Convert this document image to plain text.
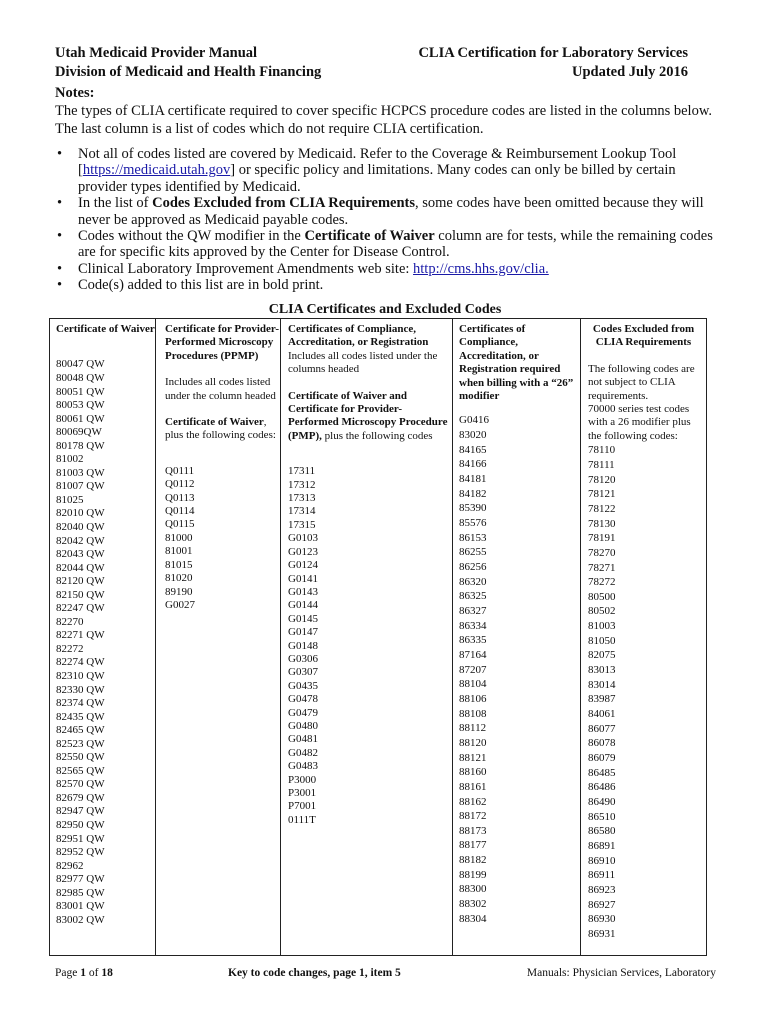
Utah Medicaid Provider Manual
Division of Medicaid and Health Financing
CLIA Certification for Laboratory Services
Updated July 2016
Notes:

The types of CLIA certificate required to cover specific HCPCS procedure codes are listed in the columns below. The last column is a list of codes which do not require CLIA certification.

• Not all of codes listed are covered by Medicaid. Refer to the Coverage & Reimbursement Lookup Tool [https://medicaid.utah.gov] or specific policy and limitations. Many codes can only be billed by certain provider types identified by Medicaid.
• In the list of Codes Excluded from CLIA Requirements, some codes have been omitted because they will never be approved as Medicaid payable codes.
• Codes without the QW modifier in the Certificate of Waiver column are for tests, while the remaining codes are for specific kits approved by the Center for Disease Control.
• Clinical Laboratory Improvement Amendments web site: http://cms.hhs.gov/clia.
• Code(s) added to this list are in bold print.
CLIA Certificates and Excluded Codes
Certificate of Waiver
80047 QW
80048 QW
80051 QW
80053 QW
80061 QW
80069QW
80178 QW
81002
81003 QW
81007 QW
81025
82010 QW
82040 QW
82042 QW
82043 QW
82044 QW
82120 QW
82150 QW
82247 QW
82270
82271 QW
82272
82274 QW
82310 QW
82330 QW
82374 QW
82435 QW
82465 QW
82523 QW
82550 QW
82565 QW
82570 QW
82679 QW
82947 QW
82950 QW
82951 QW
82952 QW
82962
82977 QW
82985 QW
83001 QW
83002 QW
Certificate for Provider-Performed Microscopy Procedures (PPMP)
Includes all codes listed under the column headed
Certificate of Waiver, plus the following codes:
Q0111
Q0112
Q0113
Q0114
Q0115
81000
81001
81015
81020
89190
G0027
Certificates of Compliance, Accreditation, or Registration
Includes all codes listed under the columns headed
Certificate of Waiver and Certificate for Provider-Performed Microscopy Procedure (PMP), plus the following codes
17311
17312
17313
17314
17315
G0103
G0123
G0124
G0141
G0143
G0144
G0145
G0147
G0148
G0306
G0307
G0435
G0478
G0479
G0480
G0481
G0482
G0483
P3000
P3001
P7001
0111T
Certificates of Compliance, Accreditation, or Registration required when billing with a “26” modifier
G0416
83020
84165
84166
84181
84182
85390
85576
86153
86255
86256
86320
86325
86327
86334
86335
87164
87207
88104
88106
88108
88112
88120
88121
88160
88161
88162
88172
88173
88177
88182
88199
88300
88302
88304
Codes Excluded from CLIA Requirements
The following codes are not subject to CLIA requirements.
70000 series test codes with a 26 modifier plus the following codes:
78110
78111
78120
78121
78122
78130
78191
78270
78271
78272
80500
80502
81003
81050
82075
83013
83014
83987
84061
86077
86078
86079
86485
86486
86490
86510
86580
86891
86910
86911
86923
86927
86930
86931
Page 1 of 18	Key to code changes, page 1, item 5	Manuals: Physician Services, Laboratory
